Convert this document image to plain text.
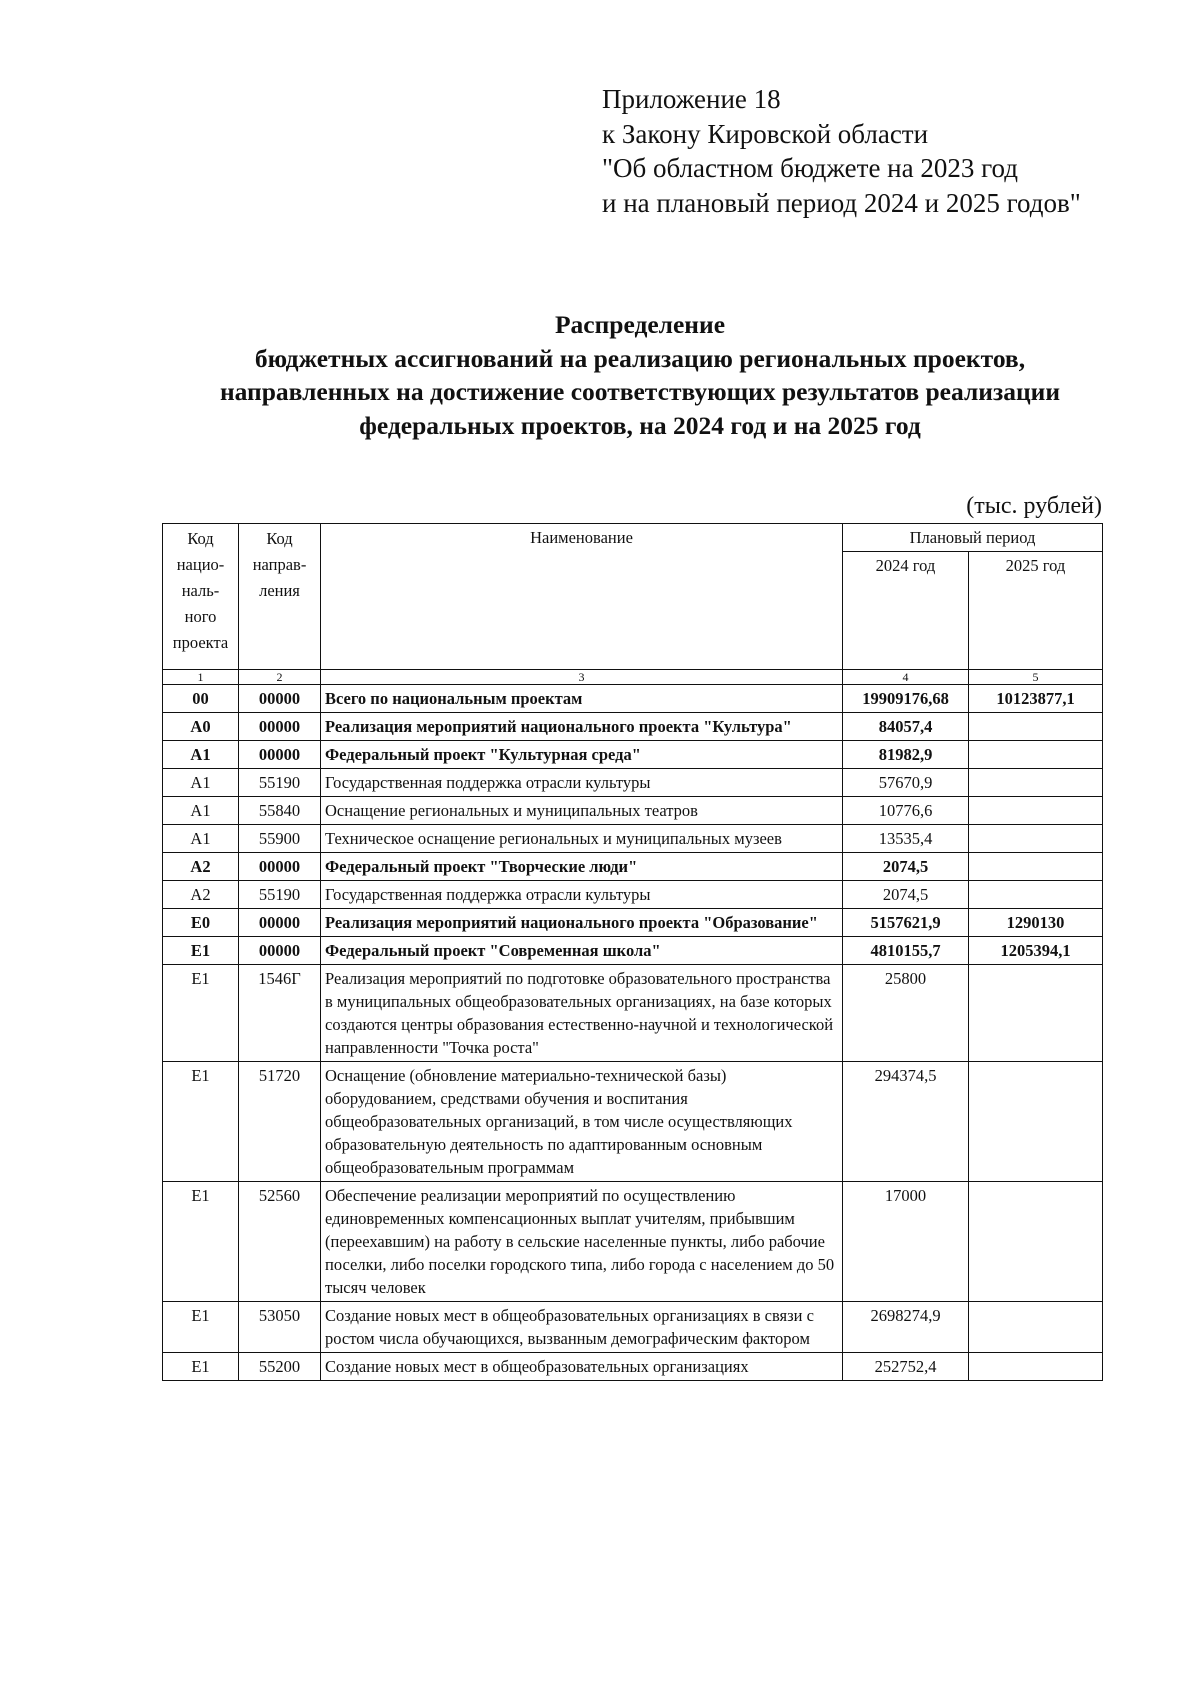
Приложение 18
к Закону Кировской области
"Об областном бюджете на 2023 год
и на плановый период 2024 и 2025 годов"
Распределение
бюджетных ассигнований на реализацию региональных проектов,
направленных на достижение соответствующих результатов реализации
федеральных проектов, на 2024 год и на 2025 год
(тыс. рублей)
Код нацио- наль- ного проекта	Код направ- ления	Наименование	Плановый период	
			2024 год	2025 год
1	2	3	4	5
00	00000	Всего по национальным проектам	19909176,68	10123877,1
А0	00000	Реализация мероприятий национального проекта "Культура"	84057,4	
А1	00000	Федеральный проект "Культурная среда"	81982,9	
А1	55190	Государственная поддержка отрасли культуры	57670,9	
А1	55840	Оснащение региональных и муниципальных театров	10776,6	
А1	55900	Техническое оснащение региональных и муниципальных музеев	13535,4	
А2	00000	Федеральный проект "Творческие люди"	2074,5	
А2	55190	Государственная поддержка отрасли культуры	2074,5	
Е0	00000	Реализация мероприятий национального проекта "Образование"	5157621,9	1290130
Е1	00000	Федеральный проект "Современная школа"	4810155,7	1205394,1
Е1	1546Г	Реализация мероприятий по подготовке образовательного пространства в муниципальных общеобразовательных организациях, на базе которых создаются центры образования естественно-научной и технологической направленности "Точка роста"	25800	
Е1	51720	Оснащение (обновление материально-технической базы) оборудованием, средствами обучения и воспитания общеобразовательных организаций, в том числе осуществляющих образовательную деятельность по адаптированным основным общеобразовательным программам	294374,5	
Е1	52560	Обеспечение реализации мероприятий по осуществлению единовременных компенсационных выплат учителям, прибывшим (переехавшим) на работу в сельские населенные пункты, либо рабочие поселки, либо поселки городского типа, либо города с населением до 50 тысяч человек	17000	
Е1	53050	Создание новых мест в общеобразовательных организациях в связи с ростом числа обучающихся, вызванным демографическим фактором	2698274,9	
Е1	55200	Создание новых мест в общеобразовательных организациях	252752,4	
